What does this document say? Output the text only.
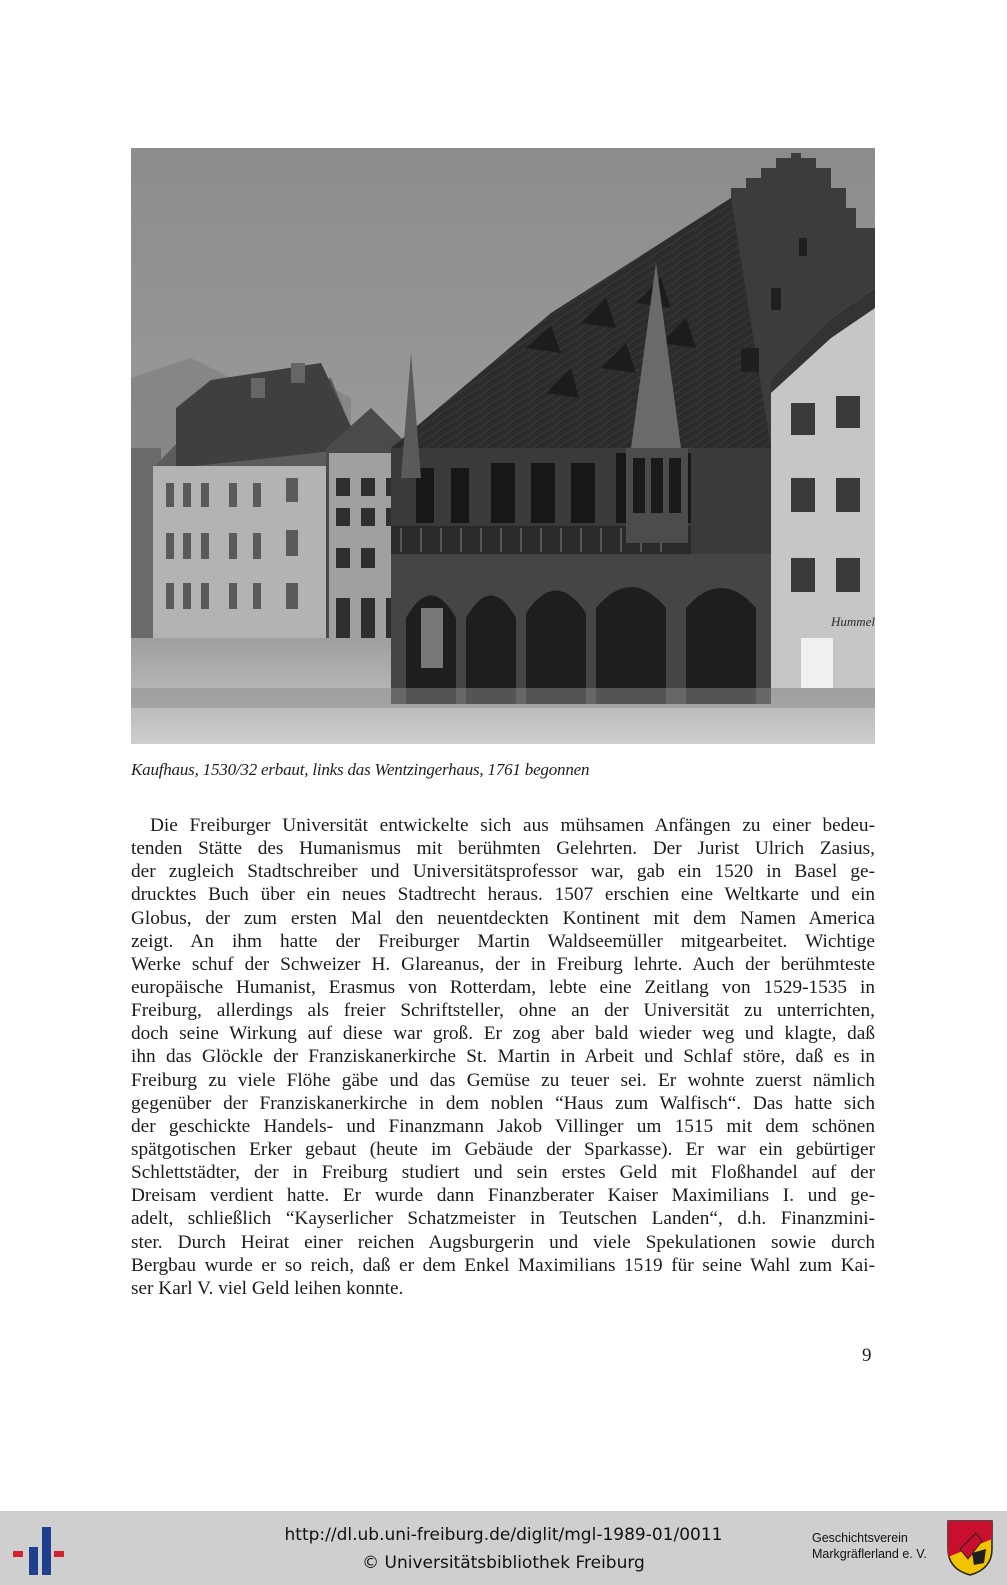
Hummel
Kaufhaus, 1530/32 erbaut, links das Wentzingerhaus, 1761 begonnen
Die Freiburger Universität entwickelte sich aus mühsamen Anfängen zu einer bedeu-
tenden Stätte des Humanismus mit berühmten Gelehrten. Der Jurist Ulrich Zasius,
der zugleich Stadtschreiber und Universitätsprofessor war, gab ein 1520 in Basel ge-
drucktes Buch über ein neues Stadtrecht heraus. 1507 erschien eine Weltkarte und ein
Globus, der zum ersten Mal den neuentdeckten Kontinent mit dem Namen America
zeigt. An ihm hatte der Freiburger Martin Waldseemüller mitgearbeitet. Wichtige
Werke schuf der Schweizer H. Glareanus, der in Freiburg lehrte. Auch der berühmteste
europäische Humanist, Erasmus von Rotterdam, lebte eine Zeitlang von 1529-1535 in
Freiburg, allerdings als freier Schriftsteller, ohne an der Universität zu unterrichten,
doch seine Wirkung auf diese war groß. Er zog aber bald wieder weg und klagte, daß
ihn das Glöckle der Franziskanerkirche St. Martin in Arbeit und Schlaf störe, daß es in
Freiburg zu viele Flöhe gäbe und das Gemüse zu teuer sei. Er wohnte zuerst nämlich
gegenüber der Franziskanerkirche in dem noblen “Haus zum Walfisch“. Das hatte sich
der geschickte Handels- und Finanzmann Jakob Villinger um 1515 mit dem schönen
spätgotischen Erker gebaut (heute im Gebäude der Sparkasse). Er war ein gebürtiger
Schlettstädter, der in Freiburg studiert und sein erstes Geld mit Floßhandel auf der
Dreisam verdient hatte. Er wurde dann Finanzberater Kaiser Maximilians I. und ge-
adelt, schließlich “Kayserlicher Schatzmeister in Teutschen Landen“, d.h. Finanzmini-
ster. Durch Heirat einer reichen Augsburgerin und viele Spekulationen sowie durch
Bergbau wurde er so reich, daß er dem Enkel Maximilians 1519 für seine Wahl zum Kai-
ser Karl V. viel Geld leihen konnte.
9
http://dl.ub.uni-freiburg.de/diglit/mgl-1989-01/0011
© Universitätsbibliothek Freiburg
Geschichtsverein
Markgräflerland e. V.
